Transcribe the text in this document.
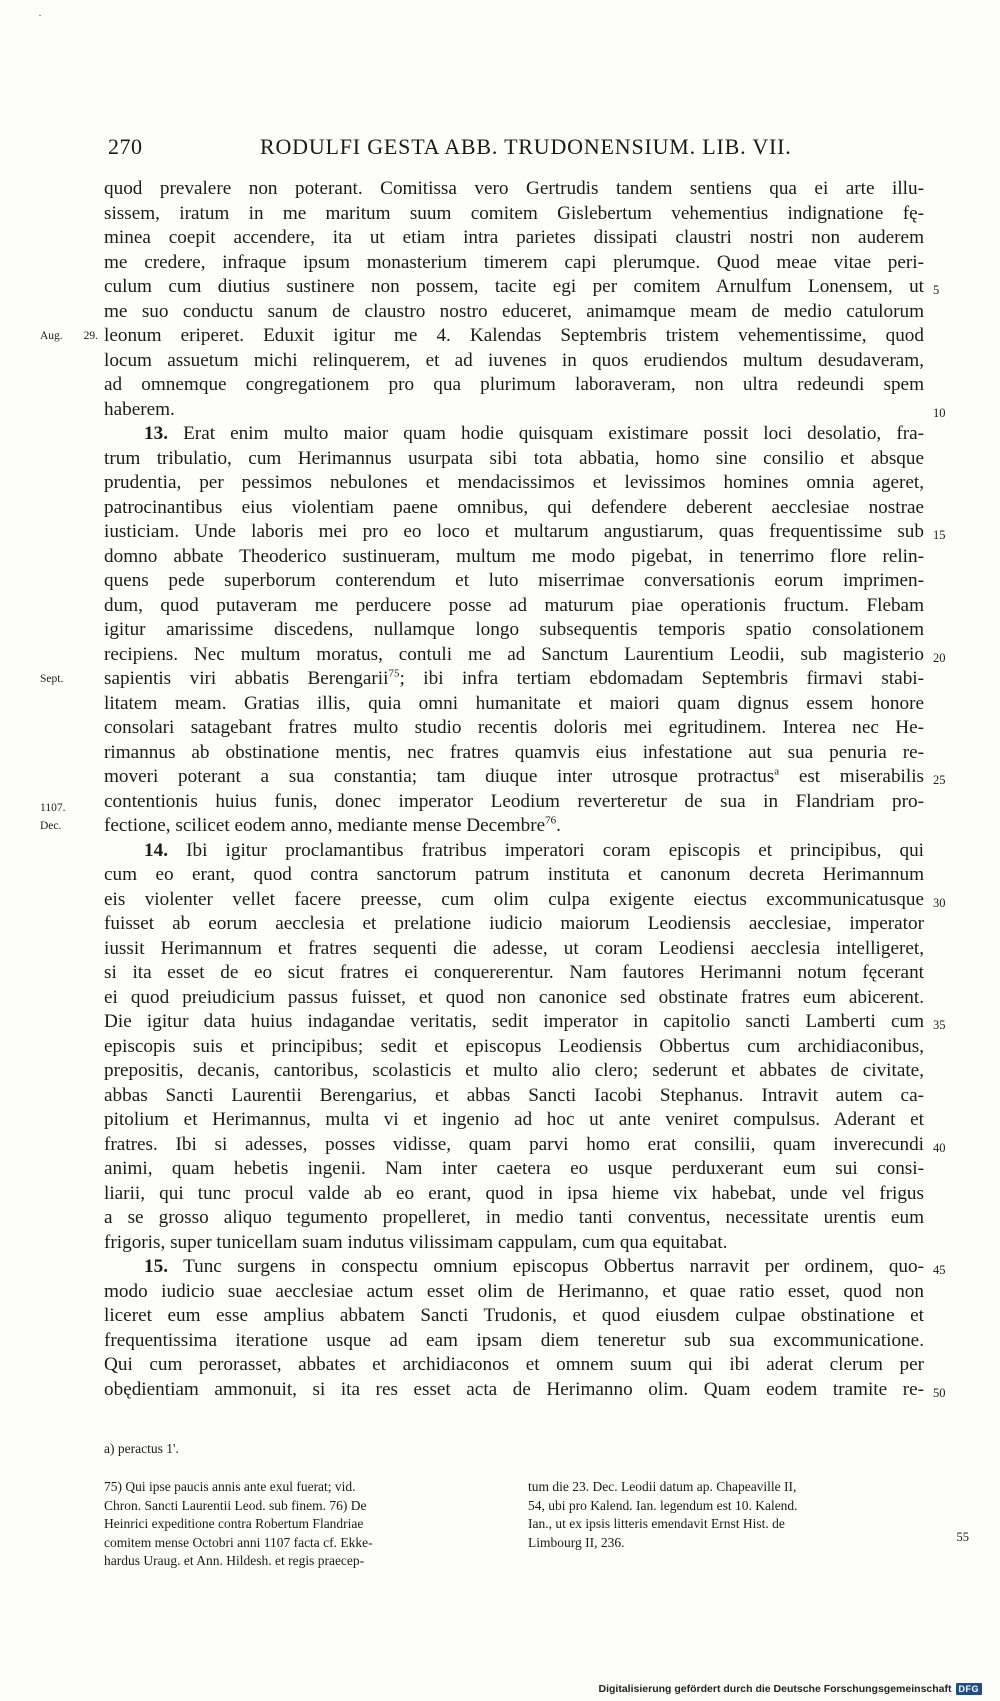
·
270	RODULFI GESTA ABB. TRUDONENSIUM. LIB. VII.
quod prevalere non poterant. Comitissa vero Gertrudis tandem sentiens qua ei arte illu-
sissem, iratum in me maritum suum comitem Gislebertum vehementius indignatione fę-
minea coepit accendere, ita ut etiam intra parietes dissipati claustri nostri non auderem
me credere, infraque ipsum monasterium timerem capi plerumque. Quod meae vitae peri-
culum cum diutius sustinere non possem, tacite egi per comitem Arnulfum Lonensem, ut 5
me suo conductu sanum de claustro nostro educeret, animamque meam de medio catulorum
Aug. 29. leonum eriperet. Eduxit igitur me 4. Kalendas Septembris tristem vehementissime, quod
locum assuetum michi relinquerem, et ad iuvenes in quos erudiendos multum desudaveram,
ad omnemque congregationem pro qua plurimum laboraveram, non ultra redeundi spem
haberem.	10
13. Erat enim multo maior quam hodie quisquam existimare possit loci desolatio, fra-
trum tribulatio, cum Herimannus usurpata sibi tota abbatia, homo sine consilio et absque
prudentia, per pessimos nebulones et mendacissimos et levissimos homines omnia ageret,
patrocinantibus eius violentiam paene omnibus, qui defendere deberent aecclesiae nostrae
iusticiam. Unde laboris mei pro eo loco et multarum angustiarum, quas frequentissime sub 15
domno abbate Theoderico sustinueram, multum me modo pigebat, in tenerrimo flore relin-
quens pede superborum conterendum et luto miserrimae conversationis eorum imprimen-
dum, quod putaveram me perducere posse ad maturum piae operationis fructum. Flebam
igitur amarissime discedens, nullamque longo subsequentis temporis spatio consolationem
recipiens. Nec multum moratus, contuli me ad Sanctum Laurentium Leodii, sub magisterio 20
Sept.	sapientis viri abbatis Berengarii$^{75}$; ibi infra tertiam ebdomadam Septembris firmavi stabi-
litatem meam. Gratias illis, quia omni humanitate et maiori quam dignus essem honore
consolari satagebant fratres multo studio recentis doloris mei egritudinem. Interea nec He-
rimannus ab obstinatione mentis, nec fratres quamvis eius infestatione aut sua penuria re-
moveri poterant a sua constantia; tam diuque inter utrosque protractus$^a$ est miserabilis 25
1107.	contentionis huius funis, donec imperator Leodium reverteretur de sua in Flandriam pro-
Dec.	fectione, scilicet eodem anno, mediante mense Decembre$^{76}$.
14. Ibi igitur proclamantibus fratribus imperatori coram episcopis et principibus, qui
cum eo erant, quod contra sanctorum patrum instituta et canonum decreta Herimannum
eis violenter vellet facere preesse, cum olim culpa exigente eiectus excommunicatusque 30
fuisset ab eorum aecclesia et prelatione iudicio maiorum Leodiensis aecclesiae, imperator
iussit Herimannum et fratres sequenti die adesse, ut coram Leodiensi aecclesia intelligeret,
si ita esset de eo sicut fratres ei conquererentur. Nam fautores Herimanni notum fęcerant
ei quod preiudicium passus fuisset, et quod non canonice sed obstinate fratres eum abicerent.
Die igitur data huius indagandae veritatis, sedit imperator in capitolio sancti Lamberti cum 35
episcopis suis et principibus; sedit et episcopus Leodiensis Obbertus cum archidiaconibus,
prepositis, decanis, cantoribus, scolasticis et multo alio clero; sederunt et abbates de civitate,
abbas Sancti Laurentii Berengarius, et abbas Sancti Iacobi Stephanus. Intravit autem ca-
pitolium et Herimannus, multa vi et ingenio ad hoc ut ante veniret compulsus. Aderant et
fratres. Ibi si adesses, posses vidisse, quam parvi homo erat consilii, quam inverecundi 40
animi, quam hebetis ingenii. Nam inter caetera eo usque perduxerant eum sui consi-
liarii, qui tunc procul valde ab eo erant, quod in ipsa hieme vix habebat, unde vel frigus
a se grosso aliquo tegumento propelleret, in medio tanti conventus, necessitate urentis eum
frigoris, super tunicellam suam indutus vilissimam cappulam, cum qua equitabat.
15. Tunc surgens in conspectu omnium episcopus Obbertus narravit per ordinem, quo- 45
modo iudicio suae aecclesiae actum esset olim de Herimanno, et quae ratio esset, quod non
liceret eum esse amplius abbatem Sancti Trudonis, et quod eiusdem culpae obstinatione et
frequentissima iteratione usque ad eam ipsam diem teneretur sub sua excommunicatione.
Qui cum perorasset, abbates et archidiaconos et omnem suum qui ibi aderat clerum per
obędientiam ammonuit, si ita res esset acta de Herimanno olim. Quam eodem tramite re- 50
a) peractus 1'.
75) Qui ipse paucis annis ante exul fuerat; vid.
Chron. Sancti Laurentii Leod. sub finem. 76) De
Heinrici expeditione contra Robertum Flandriae
comitem mense Octobri anni 1107 facta cf. Ekke-
hardus Uraug. et Ann. Hildesh. et regis praecep-
tum die 23. Dec. Leodii datum ap. Chapeaville II,
54, ubi pro Kalend. Ian. legendum est 10. Kalend.
Ian., ut ex ipsis litteris emendavit Ernst Hist. de
Limbourg II, 236.	55
Digitalisierung gefördert durch die Deutsche Forschungsgemeinschaft DFG
